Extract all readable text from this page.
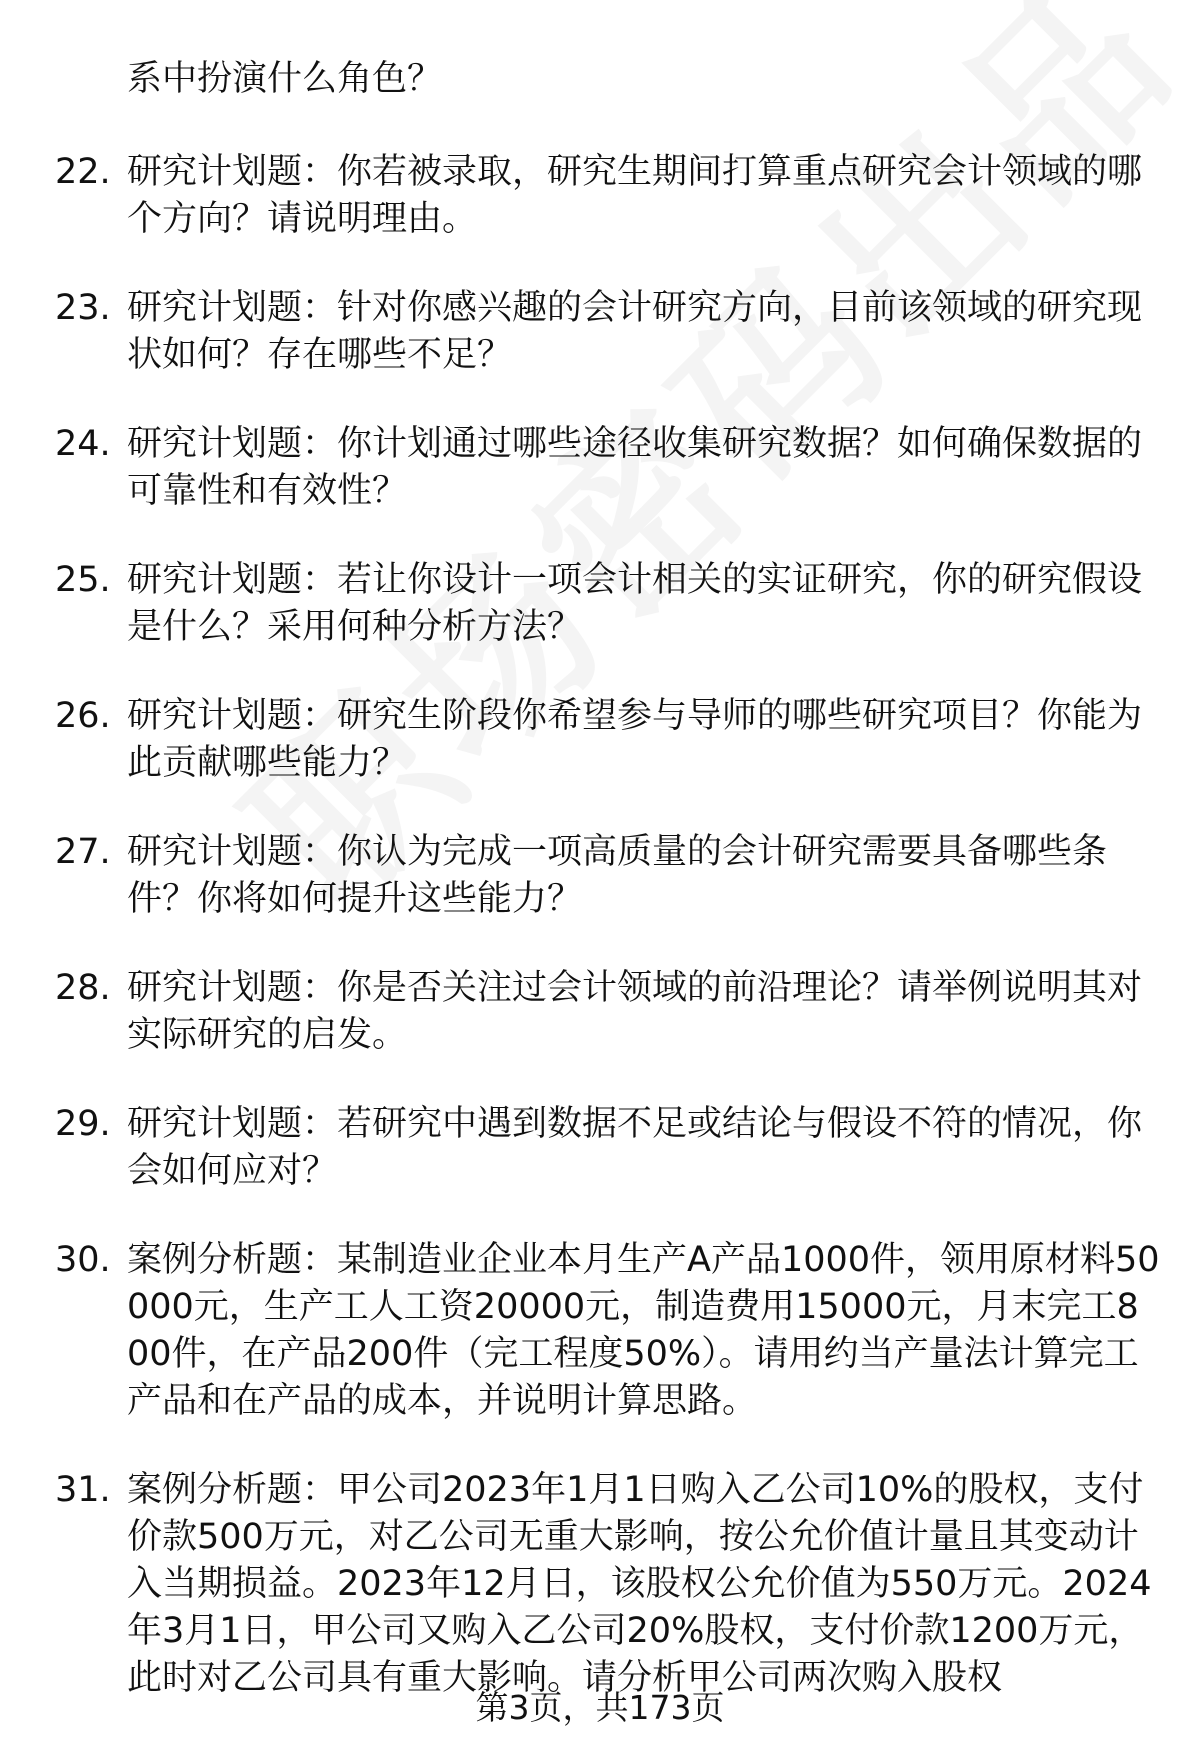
系中扮演什么角色？
22. 研究计划题：你若被录取，研究生期间打算重点研究会计领域的哪个方向？请说明理由。
23. 研究计划题：针对你感兴趣的会计研究方向，目前该领域的研究现状如何？存在哪些不足？
24. 研究计划题：你计划通过哪些途径收集研究数据？如何确保数据的可靠性和有效性？
25. 研究计划题：若让你设计一项会计相关的实证研究，你的研究假设是什么？采用何种分析方法？
26. 研究计划题：研究生阶段你希望参与导师的哪些研究项目？你能为此贡献哪些能力？
27. 研究计划题：你认为完成一项高质量的会计研究需要具备哪些条件？你将如何提升这些能力？
28. 研究计划题：你是否关注过会计领域的前沿理论？请举例说明其对实际研究的启发。
29. 研究计划题：若研究中遇到数据不足或结论与假设不符的情况，你会如何应对？
30. 案例分析题：某制造业企业本月生产A产品1000件，领用原材料50000元，生产工人工资20000元，制造费用15000元，月末完工800件，在产品200件（完工程度50%）。请用约当产量法计算完工产品和在产品的成本，并说明计算思路。
31. 案例分析题：甲公司2023年1月1日购入乙公司10%的股权，支付价款500万元，对乙公司无重大影响，按公允价值计量且其变动计入当期损益。2023年12月日，该股权公允价值为550万元。2024年3月1日，甲公司又购入乙公司20%股权，支付价款1200万元，此时对乙公司具有重大影响。请分析甲公司两次购入股权
第3页，共173页
